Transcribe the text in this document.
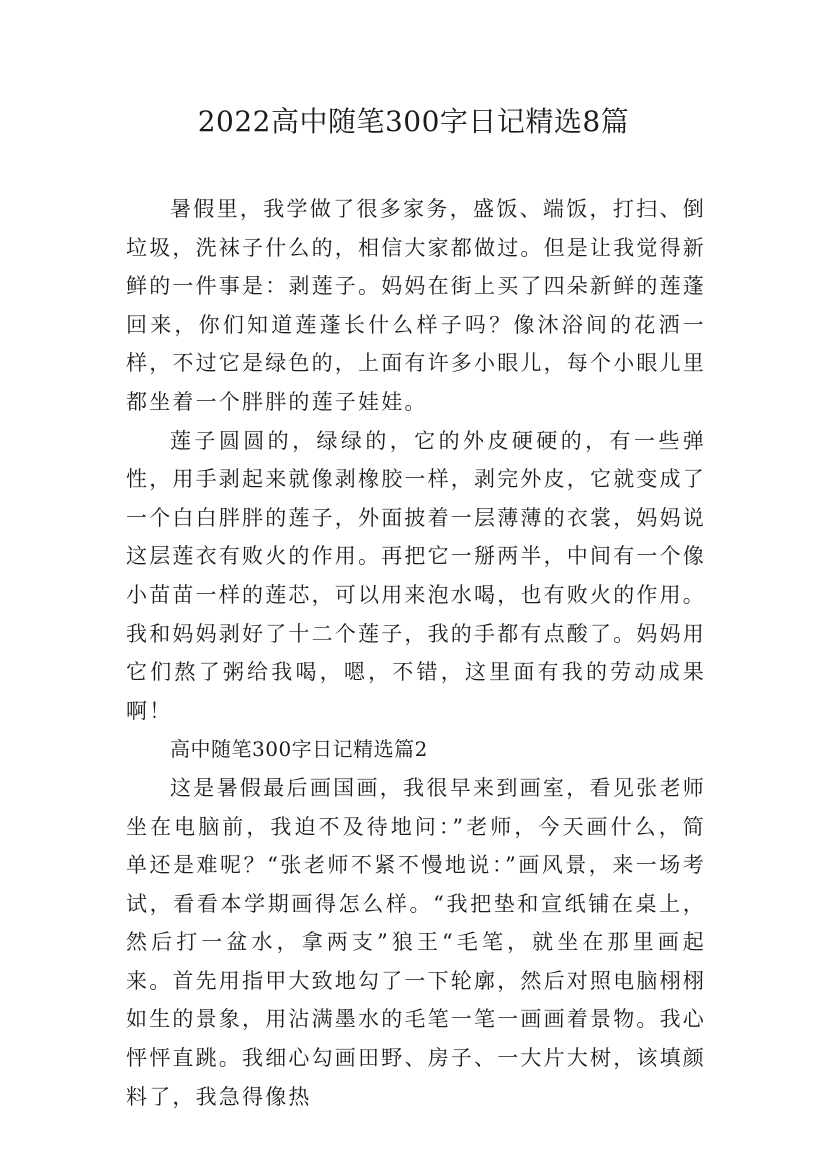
2022高中随笔300字日记精选8篇

暑假里，我学做了很多家务，盛饭、端饭，打扫、倒垃圾，洗袜子什么的，相信大家都做过。但是让我觉得新鲜的一件事是：剥莲子。妈妈在街上买了四朵新鲜的莲蓬回来，你们知道莲蓬长什么样子吗？像沐浴间的花洒一样，不过它是绿色的，上面有许多小眼儿，每个小眼儿里都坐着一个胖胖的莲子娃娃。

莲子圆圆的，绿绿的，它的外皮硬硬的，有一些弹性，用手剥起来就像剥橡胶一样，剥完外皮，它就变成了一个白白胖胖的莲子，外面披着一层薄薄的衣裳，妈妈说这层莲衣有败火的作用。再把它一掰两半，中间有一个像小苗苗一样的莲芯，可以用来泡水喝，也有败火的作用。我和妈妈剥好了十二个莲子，我的手都有点酸了。妈妈用它们熬了粥给我喝，嗯，不错，这里面有我的劳动成果啊！

高中随笔300字日记精选篇2

这是暑假最后画国画，我很早来到画室，看见张老师坐在电脑前，我迫不及待地问：”老师，今天画什么，简单还是难呢？“张老师不紧不慢地说：”画风景，来一场考试，看看本学期画得怎么样。“我把垫和宣纸铺在桌上，然后打一盆水，拿两支”狼王“毛笔，就坐在那里画起来。首先用指甲大致地勾了一下轮廓，然后对照电脑栩栩如生的景象，用沾满墨水的毛笔一笔一画画着景物。我心怦怦直跳。我细心勾画田野、房子、一大片大树，该填颜料了，我急得像热
